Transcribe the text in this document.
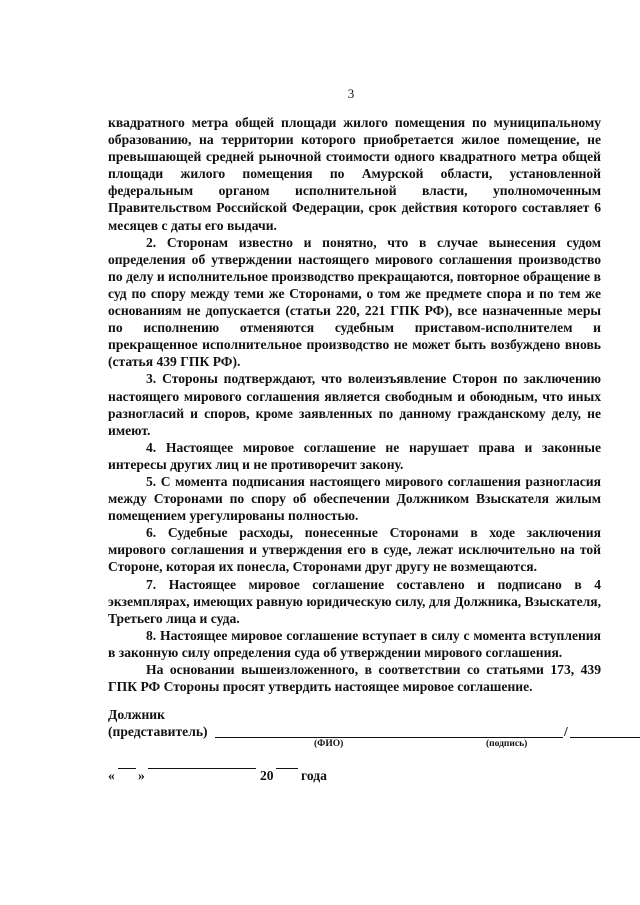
3

квадратного метра общей площади жилого помещения по муниципальному образованию, на территории которого приобретается жилое помещение, не превышающей средней рыночной стоимости одного квадратного метра общей площади жилого помещения по Амурской области, установленной федеральным органом исполнительной власти, уполномоченным Правительством Российской Федерации, срок действия которого составляет 6 месяцев с даты его выдачи.

2. Сторонам известно и понятно, что в случае вынесения судом определения об утверждении настоящего мирового соглашения производство по делу и исполнительное производство прекращаются, повторное обращение в суд по спору между теми же Сторонами, о том же предмете спора и по тем же основаниям не допускается (статьи 220, 221 ГПК РФ), все назначенные меры по исполнению отменяются судебным приставом-исполнителем и прекращенное исполнительное производство не может быть возбуждено вновь (статья 439 ГПК РФ).

3. Стороны подтверждают, что волеизъявление Сторон по заключению настоящего мирового соглашения является свободным и обоюдным, что иных разногласий и споров, кроме заявленных по данному гражданскому делу, не имеют.

4. Настоящее мировое соглашение не нарушает права и законные интересы других лиц и не противоречит закону.

5. С момента подписания настоящего мирового соглашения разногласия между Сторонами по спору об обеспечении Должником Взыскателя жилым помещением урегулированы полностью.

6. Судебные расходы, понесенные Сторонами в ходе заключения мирового соглашения и утверждения его в суде, лежат исключительно на той Стороне, которая их понесла, Сторонами друг другу не возмещаются.

7. Настоящее мировое соглашение составлено и подписано в 4 экземплярах, имеющих равную юридическую силу, для Должника, Взыскателя, Третьего лица и суда.

8. Настоящее мировое соглашение вступает в силу с момента вступления в законную силу определения суда об утверждении мирового соглашения.

На основании вышеизложенного, в соответствии со статьями 173, 439 ГПК РФ Стороны просят утвердить настоящее мировое соглашение.

Должник
(представитель)	/
(ФИО)	(подпись)
« »	20 года
